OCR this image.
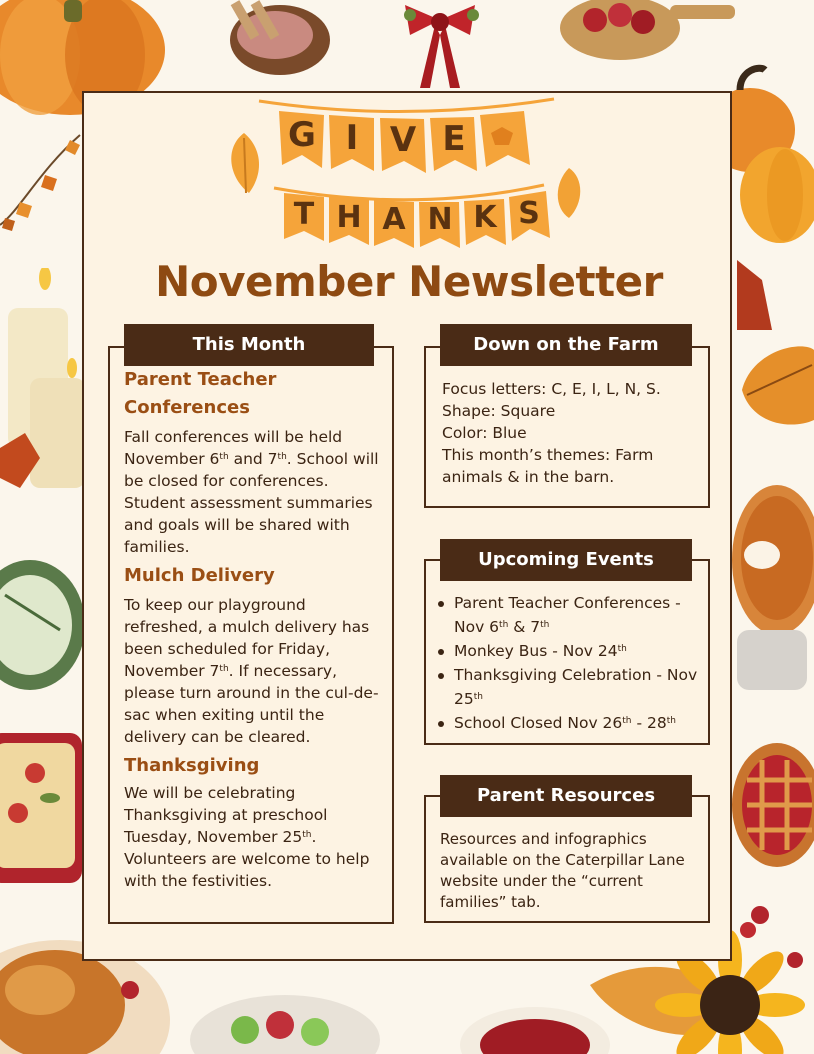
G I V E
T H A N K S
November Newsletter
Parent Teacher Conferences
Fall conferences will be held November 6th and 7th. School will be closed for conferences. Student assessment summaries and goals will be shared with families.
Mulch Delivery
To keep our playground refreshed, a mulch delivery has been scheduled for Friday, November 7th. If necessary, please turn around in the cul-de-sac when exiting until the delivery can be cleared.
Thanksgiving
We will be celebrating Thanksgiving at preschool Tuesday, November 25th. Volunteers are welcome to help with the festivities.
This Month
Focus letters: C, E, I, L, N, S.
Shape: Square
Color: Blue
This month’s themes: Farm animals & in the barn.
Down on the Farm
Parent Teacher Conferences - Nov 6th & 7th
Monkey Bus - Nov 24th
Thanksgiving Celebration - Nov 25th
School Closed Nov 26th - 28th
Upcoming Events
Resources and infographics available on the Caterpillar Lane website under the “current families” tab.
Parent Resources
